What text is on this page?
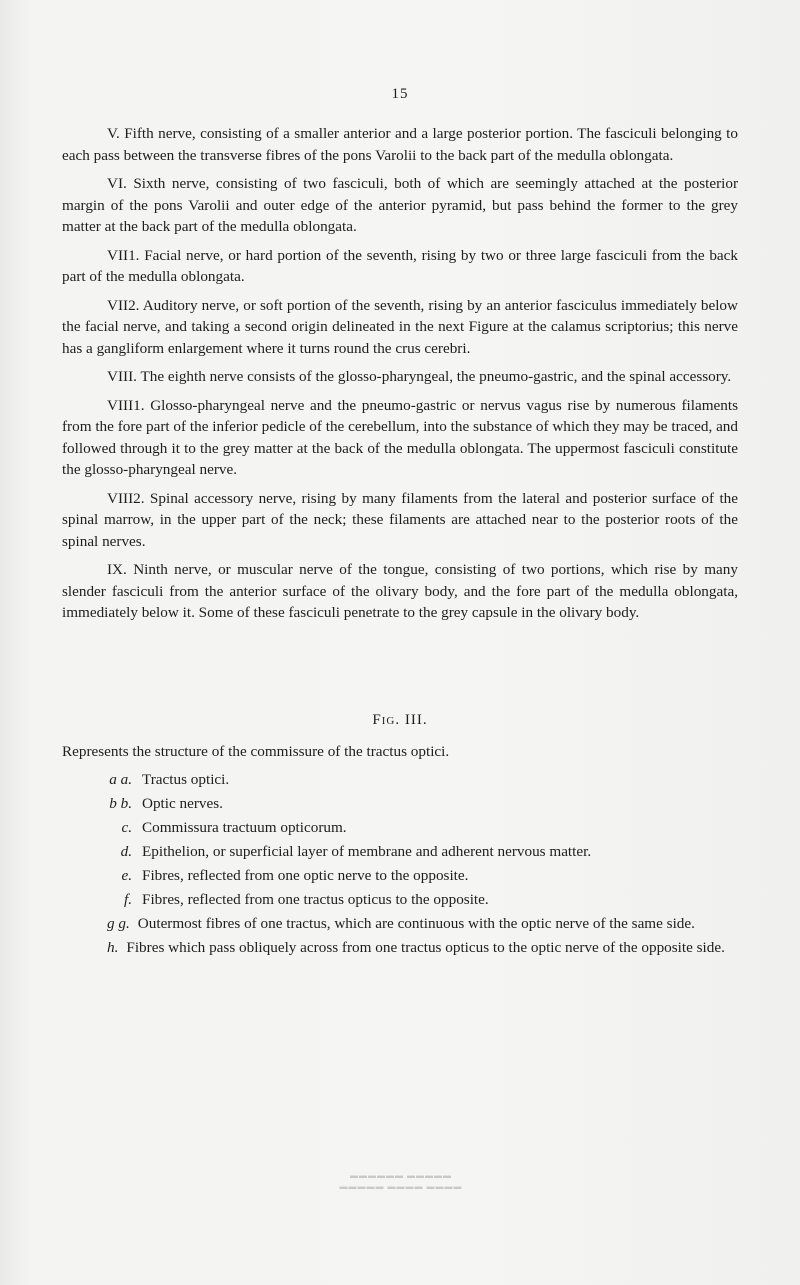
15

V. Fifth nerve, consisting of a smaller anterior and a large posterior portion. The fasciculi belonging to each pass between the transverse fibres of the pons Varolii to the back part of the medulla oblongata.

VI. Sixth nerve, consisting of two fasciculi, both of which are seemingly attached at the posterior margin of the pons Varolii and outer edge of the anterior pyramid, but pass behind the former to the grey matter at the back part of the medulla oblongata.

VII1. Facial nerve, or hard portion of the seventh, rising by two or three large fasciculi from the back part of the medulla oblongata.

VII2. Auditory nerve, or soft portion of the seventh, rising by an anterior fasciculus immediately below the facial nerve, and taking a second origin delineated in the next Figure at the calamus scriptorius; this nerve has a gangliform enlargement where it turns round the crus cerebri.

VIII. The eighth nerve consists of the glosso-pharyngeal, the pneumo-gastric, and the spinal accessory.

VIII1. Glosso-pharyngeal nerve and the pneumo-gastric or nervus vagus rise by numerous filaments from the fore part of the inferior pedicle of the cerebellum, into the substance of which they may be traced, and followed through it to the grey matter at the back of the medulla oblongata. The uppermost fasciculi constitute the glosso-pharyngeal nerve.

VIII2. Spinal accessory nerve, rising by many filaments from the lateral and posterior surface of the spinal marrow, in the upper part of the neck; these filaments are attached near to the posterior roots of the spinal nerves.

IX. Ninth nerve, or muscular nerve of the tongue, consisting of two portions, which rise by many slender fasciculi from the anterior surface of the olivary body, and the fore part of the medulla oblongata, immediately below it. Some of these fasciculi penetrate to the grey capsule in the olivary body.

Fig. III.

Represents the structure of the commissure of the tractus optici.

a a. Tractus optici.
b b. Optic nerves.
c. Commissura tractuum opticorum.
d. Epithelion, or superficial layer of membrane and adherent nervous matter.
e. Fibres, reflected from one optic nerve to the opposite.
f. Fibres, reflected from one tractus opticus to the opposite.
g g. Outermost fibres of one tractus, which are continuous with the optic nerve of the same side.
h. Fibres which pass obliquely across from one tractus opticus to the optic nerve of the opposite side.
▬▬▬▬▬ ▬▬▬▬▬▬
▬▬▬▬ ▬▬▬▬ ▬▬▬▬▬
